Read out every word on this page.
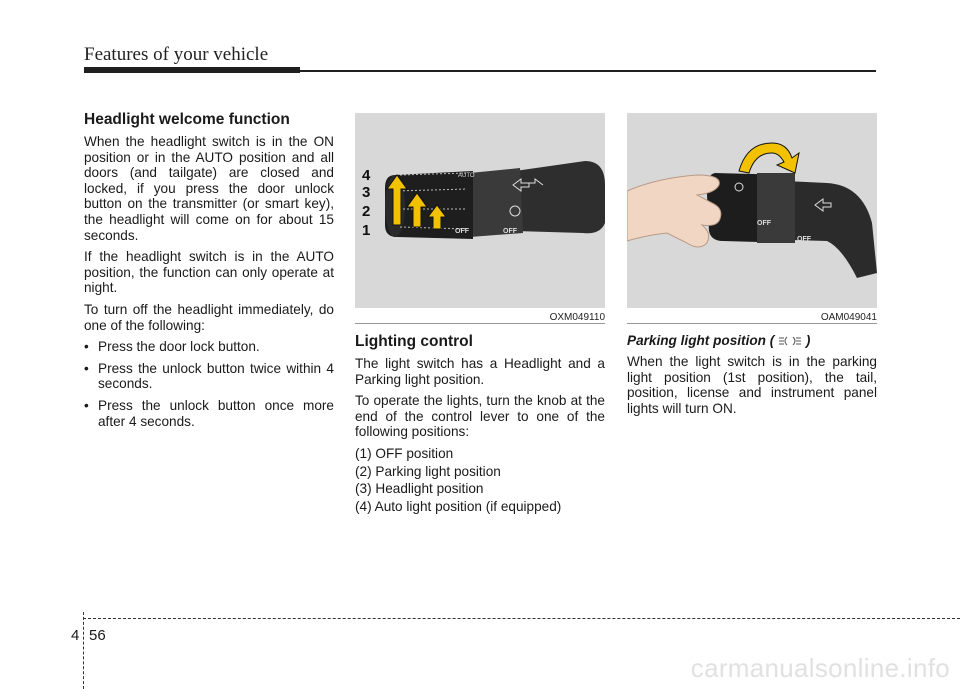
Features of your vehicle
Headlight welcome function

When the headlight switch is in the ON position or in the AUTO position and all doors (and tailgate) are closed and locked, if you press the door unlock button on the transmitter (or smart key), the headlight will come on for about 15 seconds.

If the headlight switch is in the AUTO position, the function can only operate at night.

To turn off the headlight immediately, do one of the following:

• Press the door lock button.
• Press the unlock button twice within 4 seconds.
• Press the unlock button once more after 4 seconds.
4
3
2
1
AUTO
OFF	OFF
OXM049110
Lighting control

The light switch has a Headlight and a Parking light position.

To operate the lights, turn the knob at the end of the control lever to one of the following positions:

(1) OFF position
(2) Parking light position
(3) Headlight position
(4) Auto light position (if equipped)
OFF
OFF
OAM049041
Parking light position ( )

When the light switch is in the parking light position (1st position), the tail, position, license and instrument panel lights will turn ON.

4 56
carmanualsonline.info
